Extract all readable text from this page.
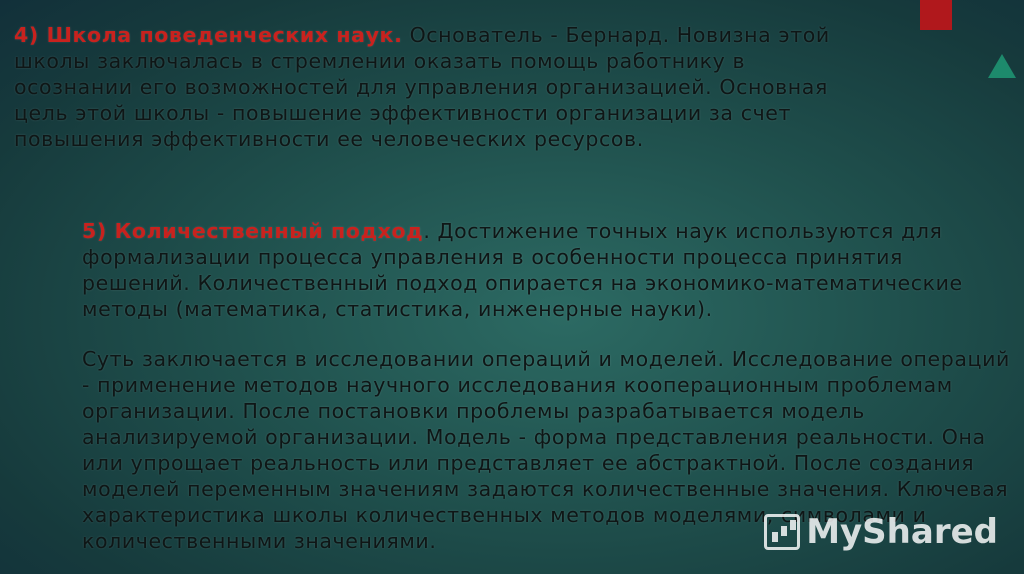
4) Школа поведенческих наук. Основатель - Бернард. Новизна этой школы заключалась в стремлении оказать помощь работнику в осознании его возможностей для управления организацией. Основная цель этой школы - повышение эффективности организации за счет повышения эффективности ее человеческих ресурсов.

5) Количественный подход. Достижение точных наук используются для формализации процесса управления в особенности процесса принятия решений. Количественный подход опирается на экономико-математические методы (математика, статистика, инженерные науки).

Суть заключается в исследовании операций и моделей. Исследование операций - применение методов научного исследования кооперационным проблемам организации. После постановки проблемы разрабатывается модель анализируемой организации. Модель - форма представления реальности. Она или упрощает реальность или представляет ее абстрактной. После создания моделей переменным значениям задаются количественные значения. Ключевая характеристика школы количественных методов моделями, символами и количественными значениями.	MyShared
